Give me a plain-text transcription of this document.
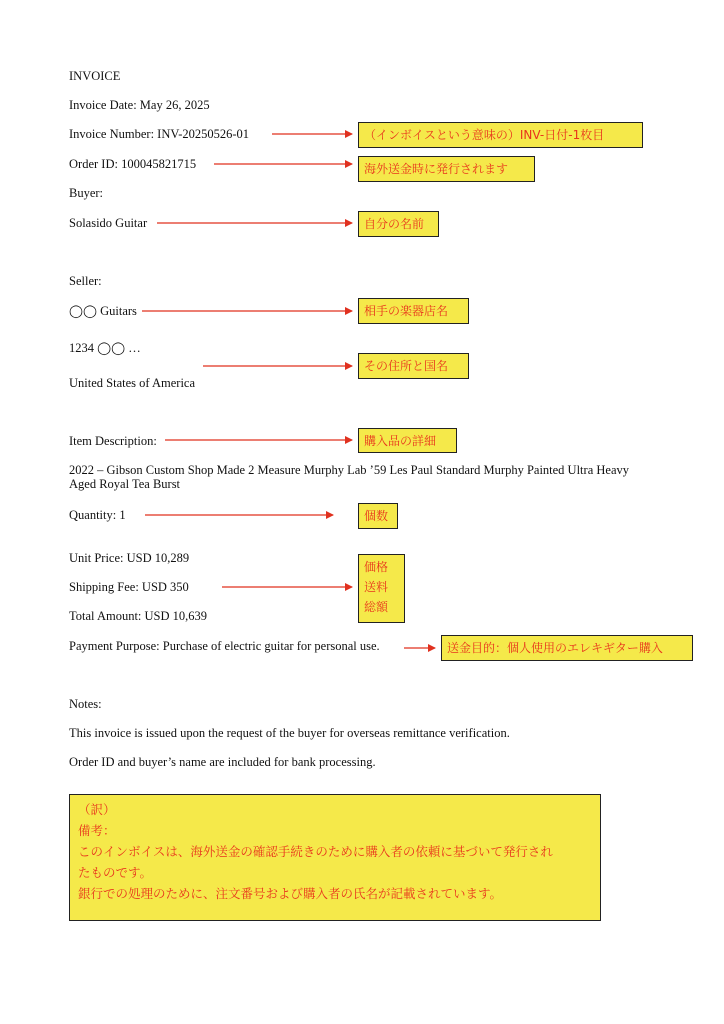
INVOICE
Invoice Date: May 26, 2025
Invoice Number: INV-20250526-01
Order ID: 100045821715
Buyer:
Solasido Guitar
Seller:
◯◯ Guitars
1234 ◯◯ …
United States of America
Item Description:
2022 – Gibson Custom Shop Made 2 Measure Murphy Lab ’59 Les Paul Standard Murphy Painted Ultra Heavy Aged Royal Tea Burst
Quantity: 1
Unit Price: USD 10,289
Shipping Fee: USD 350
Total Amount: USD 10,639
Payment Purpose: Purchase of electric guitar for personal use.
Notes:
This invoice is issued upon the request of the buyer for overseas remittance verification.
Order ID and buyer’s name are included for bank processing.
（インボイスという意味の）INV-日付-1枚目
海外送金時に発行されます
自分の名前
相手の楽器店名
その住所と国名
購入品の詳細
個数
価格
送料
総額
送金目的：個人使用のエレキギター購入
（訳）
備考：
このインボイスは、海外送金の確認手続きのために購入者の依頼に基づいて発行され
たものです。
銀行での処理のために、注文番号および購入者の氏名が記載されています。
